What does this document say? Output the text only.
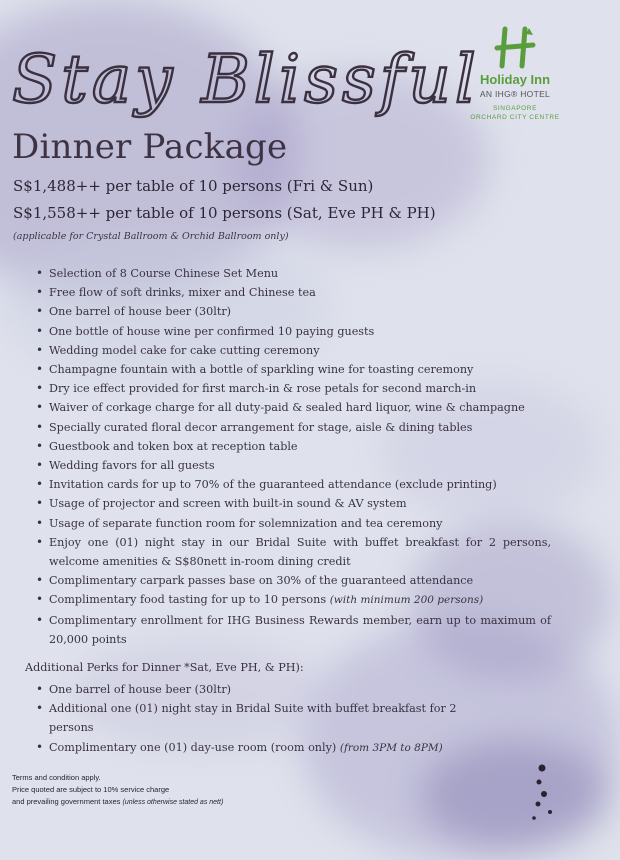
Stay Blissful Holiday Inn
AN IHG® HOTEL
SINGAPORE
ORCHARD CITY CENTRE
Dinner Package
S$1,488++ per table of 10 persons (Fri & Sun)
S$1,558++ per table of 10 persons (Sat, Eve PH & PH)
(applicable for Crystal Ballroom & Orchid Ballroom only)
• Selection of 8 Course Chinese Set Menu
• Free flow of soft drinks, mixer and Chinese tea
• One barrel of house beer (30ltr)
• One bottle of house wine per confirmed 10 paying guests
• Wedding model cake for cake cutting ceremony
• Champagne fountain with a bottle of sparkling wine for toasting ceremony
• Dry ice effect provided for first march-in & rose petals for second march-in
• Waiver of corkage charge for all duty-paid & sealed hard liquor, wine & champagne
• Specially curated floral decor arrangement for stage, aisle & dining tables
• Guestbook and token box at reception table
• Wedding favors for all guests
• Invitation cards for up to 70% of the guaranteed attendance (exclude printing)
• Usage of projector and screen with built-in sound & AV system
• Usage of separate function room for solemnization and tea ceremony
• Enjoy one (01) night stay in our Bridal Suite with buffet breakfast for 2 persons, welcome amenities & S$80nett in-room dining credit
• Complimentary carpark passes base on 30% of the guaranteed attendance
• Complimentary food tasting for up to 10 persons (with minimum 200 persons)
• Complimentary enrollment for IHG Business Rewards member, earn up to maximum of 20,000 points
Additional Perks for Dinner *Sat, Eve PH, & PH):
• One barrel of house beer (30ltr)
• Additional one (01) night stay in Bridal Suite with buffet breakfast for 2 persons
• Complimentary one (01) day-use room (room only) (from 3PM to 8PM)
Terms and condition apply.
Price quoted are subject to 10% service charge
and prevailing government taxes (unless otherwise stated as nett)
